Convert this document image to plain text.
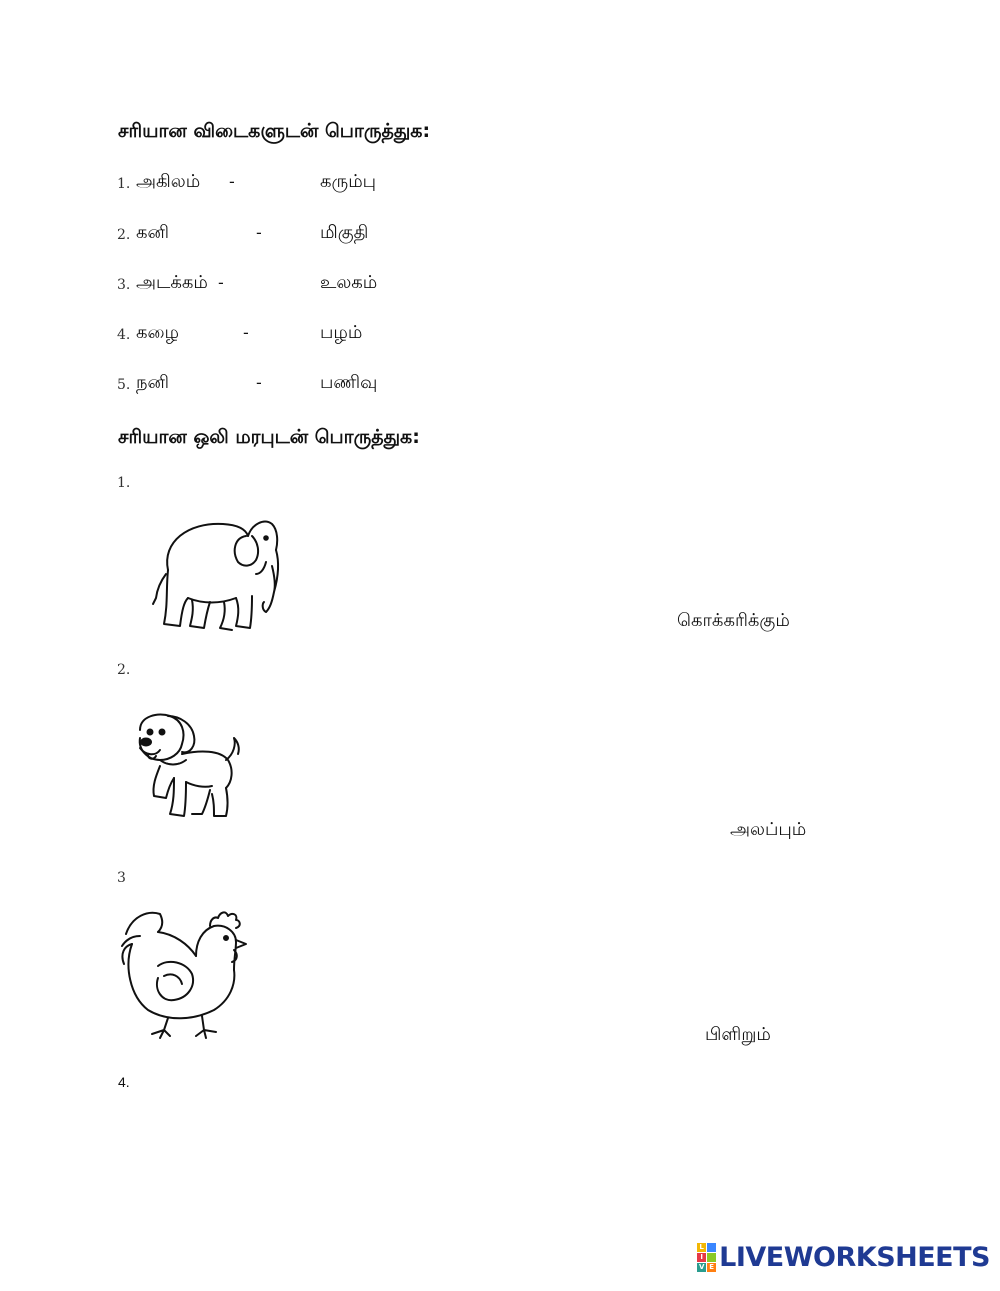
சரியான விடைகளுடன் பொருத்துக:
1. அகிலம் -	கரும்பு
2. கனி	-	மிகுதி
3. அடக்கம் -	உலகம்
4. கழை	-	பழம்
5. நனி	-	பணிவு
சரியான ஒலி மரபுடன் பொருத்துக:
1.
கொக்கரிக்கும்
2.
அலப்பும்
3
பிளிறும்
4.
L
I
V E LIVEWORKSHEETS
